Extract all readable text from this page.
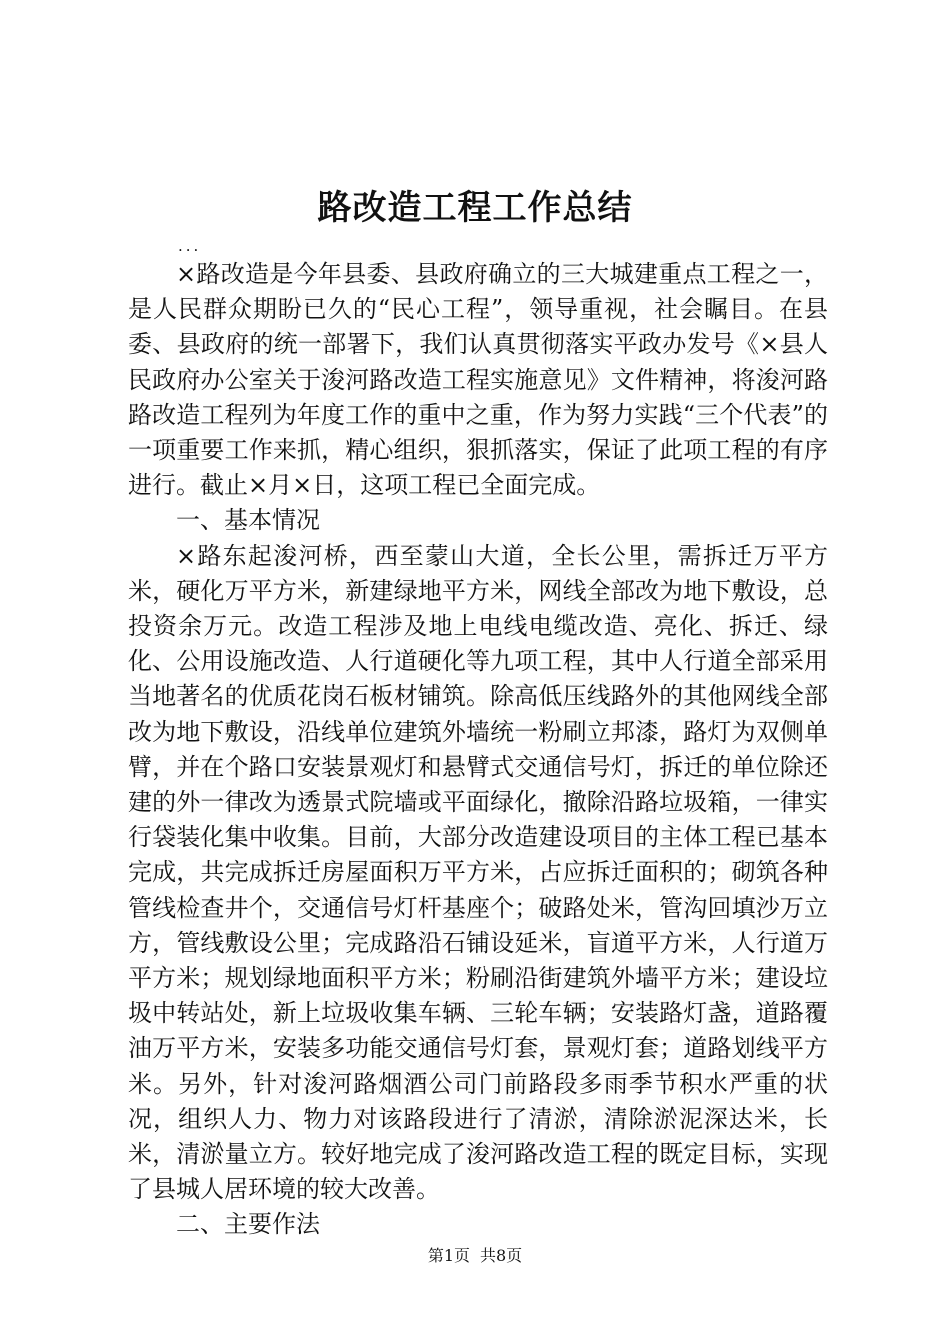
路改造工程工作总结
...

×路改造是今年县委、县政府确立的三大城建重点工程之一，是人民群众期盼已久的“民心工程”，领导重视，社会瞩目。在县委、县政府的统一部署下，我们认真贯彻落实平政办发号《×县人民政府办公室关于浚河路改造工程实施意见》文件精神，将浚河路路改造工程列为年度工作的重中之重，作为努力实践“三个代表”的一项重要工作来抓，精心组织，狠抓落实，保证了此项工程的有序进行。截止×月×日，这项工程已全面完成。

一、基本情况

×路东起浚河桥，西至蒙山大道，全长公里，需拆迁万平方米，硬化万平方米，新建绿地平方米，网线全部改为地下敷设，总投资余万元。改造工程涉及地上电线电缆改造、亮化、拆迁、绿化、公用设施改造、人行道硬化等九项工程，其中人行道全部采用当地著名的优质花岗石板材铺筑。除高低压线路外的其他网线全部改为地下敷设，沿线单位建筑外墙统一粉刷立邦漆，路灯为双侧单臂，并在个路口安装景观灯和悬臂式交通信号灯，拆迁的单位除还建的外一律改为透景式院墙或平面绿化，撤除沿路垃圾箱，一律实行袋装化集中收集。目前，大部分改造建设项目的主体工程已基本完成，共完成拆迁房屋面积万平方米，占应拆迁面积的；砌筑各种管线检查井个，交通信号灯杆基座个；破路处米，管沟回填沙万立方，管线敷设公里；完成路沿石铺设延米，盲道平方米，人行道万平方米；规划绿地面积平方米；粉刷沿街建筑外墙平方米；建设垃圾中转站处，新上垃圾收集车辆、三轮车辆；安装路灯盏，道路覆油万平方米，安装多功能交通信号灯套，景观灯套；道路划线平方米。另外，针对浚河路烟酒公司门前路段多雨季节积水严重的状况，组织人力、物力对该路段进行了清淤，清除淤泥深达米，长米，清淤量立方。较好地完成了浚河路改造工程的既定目标，实现了县城人居环境的较大改善。

二、主要作法

第1页 共8页
